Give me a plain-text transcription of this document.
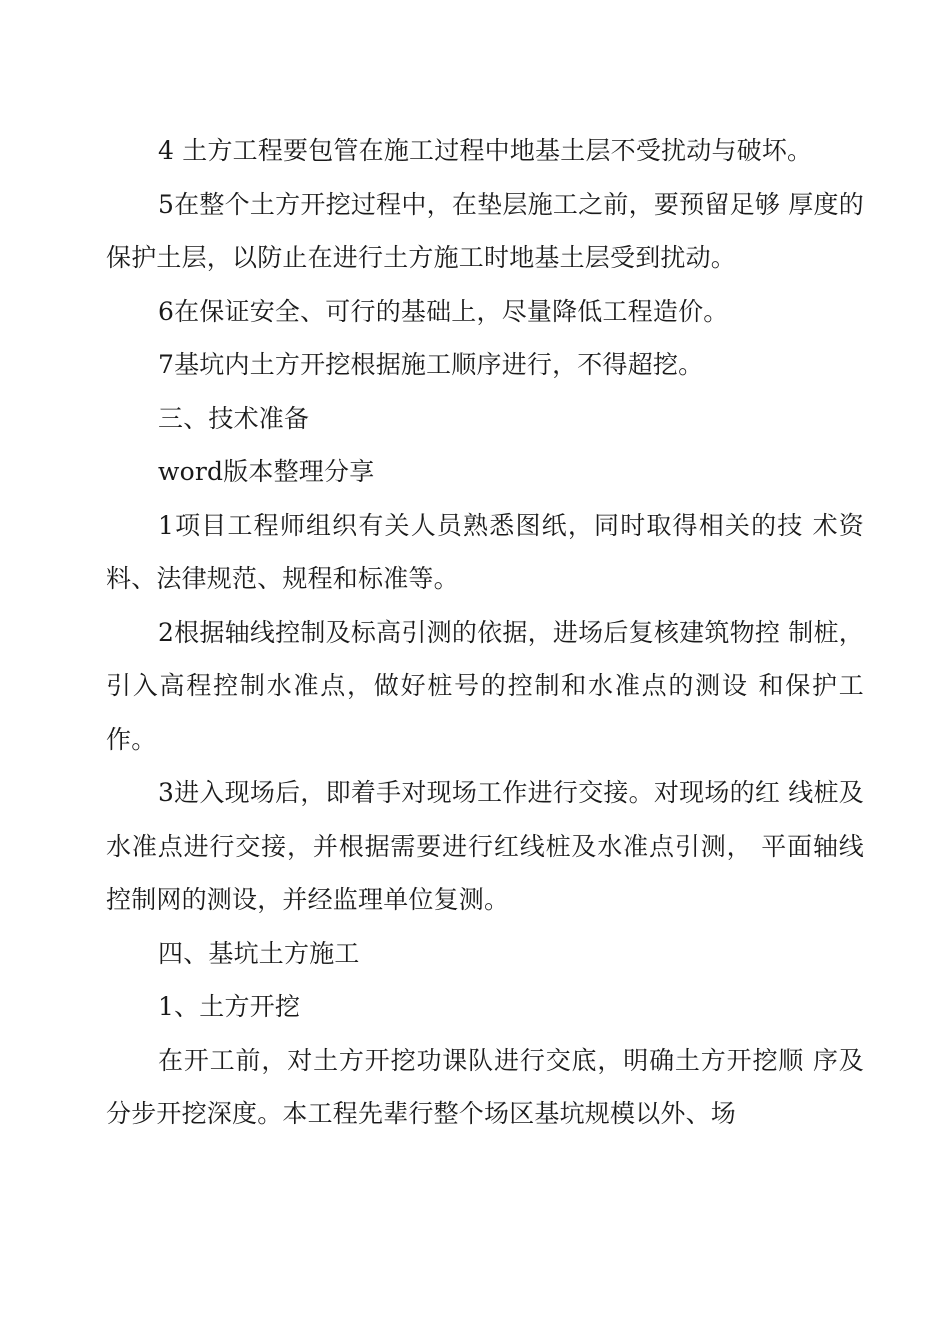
4 土方工程要包管在施工过程中地基土层不受扰动与破坏。

5在整个土方开挖过程中，在垫层施工之前，要预留足够 厚度的保护土层，以防止在进行土方施工时地基土层受到扰动。

6在保证安全、可行的基础上，尽量降低工程造价。

7基坑内土方开挖根据施工顺序进行，不得超挖。

三、技术准备

word版本整理分享

1项目工程师组织有关人员熟悉图纸，同时取得相关的技 术资料、法律规范、规程和标准等。

2根据轴线控制及标高引测的依据，进场后复核建筑物控 制桩，引入高程控制水准点，做好桩号的控制和水准点的测设 和保护工作。

3进入现场后，即着手对现场工作进行交接。对现场的红 线桩及水准点进行交接，并根据需要进行红线桩及水准点引测， 平面轴线控制网的测设，并经监理单位复测。

四、基坑土方施工

1、土方开挖

在开工前，对土方开挖功课队进行交底，明确土方开挖顺 序及分步开挖深度。本工程先辈行整个场区基坑规模以外、场
